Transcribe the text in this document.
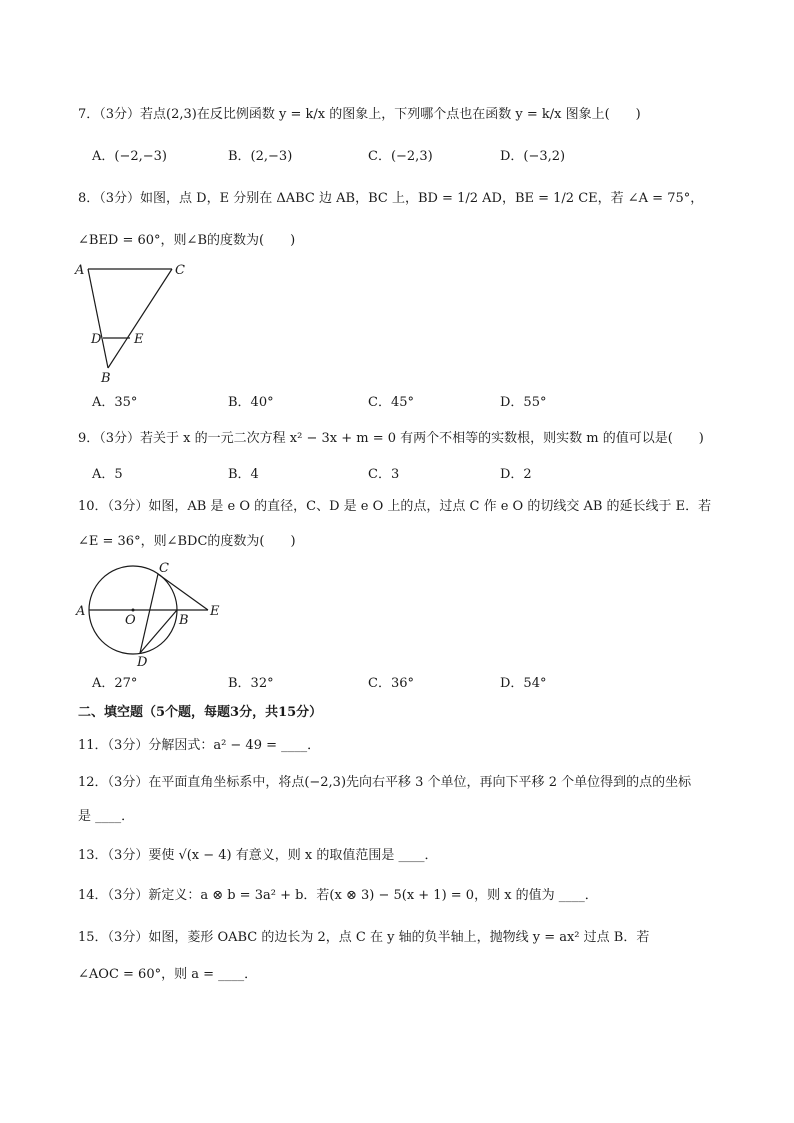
7．（3分）若点(2,3)在反比例函数 y = k/x 的图象上，下列哪个点也在函数 y = k/x 图象上(　　)
A．(−2,−3)	B．(2,−3)	C．(−2,3)	D．(−3,2)
8．（3分）如图，点 D，E 分别在 ΔABC 边 AB，BC 上，BD = 1/2 AD，BE = 1/2 CE，若 ∠A = 75°，
∠BED = 60°，则∠B的度数为(　　)
A	C
D	E
B
A．35°	B．40°	C．45°	D．55°
9．（3分）若关于 x 的一元二次方程 x² − 3x + m = 0 有两个不相等的实数根，则实数 m 的值可以是(　　)
A．5	B．4	C．3	D．2
10．（3分）如图，AB 是 e O 的直径，C、D 是 e O 上的点，过点 C 作 e O 的切线交 AB 的延长线于 E．若
∠E = 36°，则∠BDC的度数为(　　)
A
O	B
C
D
E
A．27°	B．32°	C．36°	D．54°
二、填空题（5个题，每题3分，共15分）
11．（3分）分解因式：a² − 49 = ____．
12．（3分）在平面直角坐标系中，将点(−2,3)先向右平移 3 个单位，再向下平移 2 个单位得到的点的坐标
是 ____．
13．（3分）要使 √(x − 4) 有意义，则 x 的取值范围是 ____．
14．（3分）新定义：a ⊗ b = 3a² + b．若(x ⊗ 3) − 5(x + 1) = 0，则 x 的值为 ____．
15．（3分）如图，菱形 OABC 的边长为 2，点 C 在 y 轴的负半轴上，抛物线 y = ax² 过点 B．若
∠AOC = 60°，则 a = ____．
